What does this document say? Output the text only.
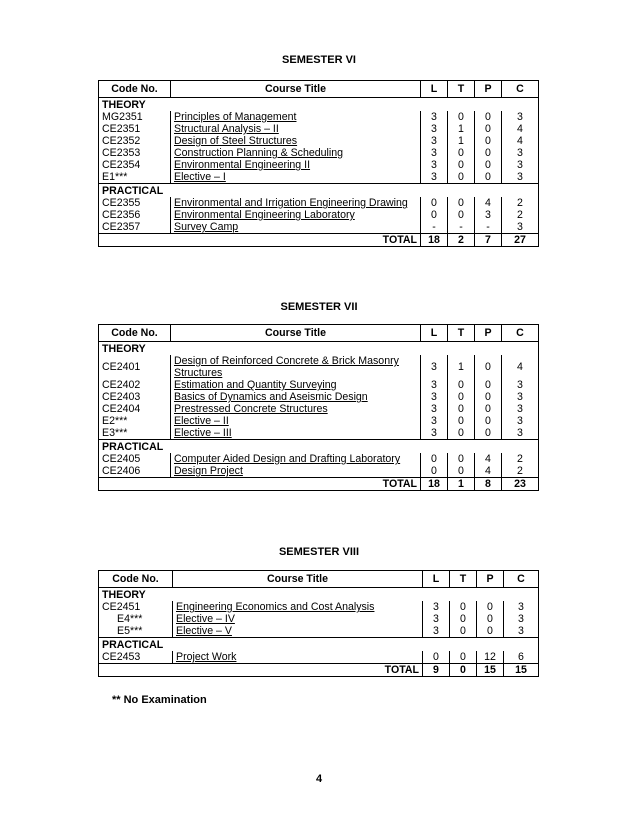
SEMESTER VI
Code No.	Course Title	L	T	P	C
THEORY					
MG2351	Principles of Management	3	0	0	3
CE2351	Structural Analysis – II	3	1	0	4
CE2352	Design of Steel Structures	3	1	0	4
CE2353	Construction Planning & Scheduling	3	0	0	3
CE2354	Environmental Engineering II	3	0	0	3
E1***	Elective – I	3	0	0	3
PRACTICAL					
CE2355	Environmental and Irrigation Engineering Drawing	0	0	4	2
CE2356	Environmental Engineering Laboratory	0	0	3	2
CE2357	Survey Camp	-	-	-	3
TOTAL		18	2	7	27
SEMESTER VII
Code No.	Course Title	L	T	P	C
THEORY					
CE2401	Design of Reinforced Concrete & Brick Masonry Structures	3	1	0	4
CE2402	Estimation and Quantity Surveying	3	0	0	3
CE2403	Basics of Dynamics and Aseismic Design	3	0	0	3
CE2404	Prestressed Concrete Structures	3	0	0	3
E2***	Elective – II	3	0	0	3
E3***	Elective – III	3	0	0	3
PRACTICAL					
CE2405	Computer Aided Design and Drafting Laboratory	0	0	4	2
CE2406	Design Project	0	0	4	2
TOTAL		18	1	8	23
SEMESTER VIII
Code No.	Course Title	L	T	P	C
THEORY					
CE2451	Engineering Economics and Cost Analysis	3	0	0	3
E4***	Elective – IV	3	0	0	3
E5***	Elective – V	3	0	0	3
PRACTICAL					
CE2453	Project Work	0	0	12	6
TOTAL		9	0	15	15
** No Examination
4
